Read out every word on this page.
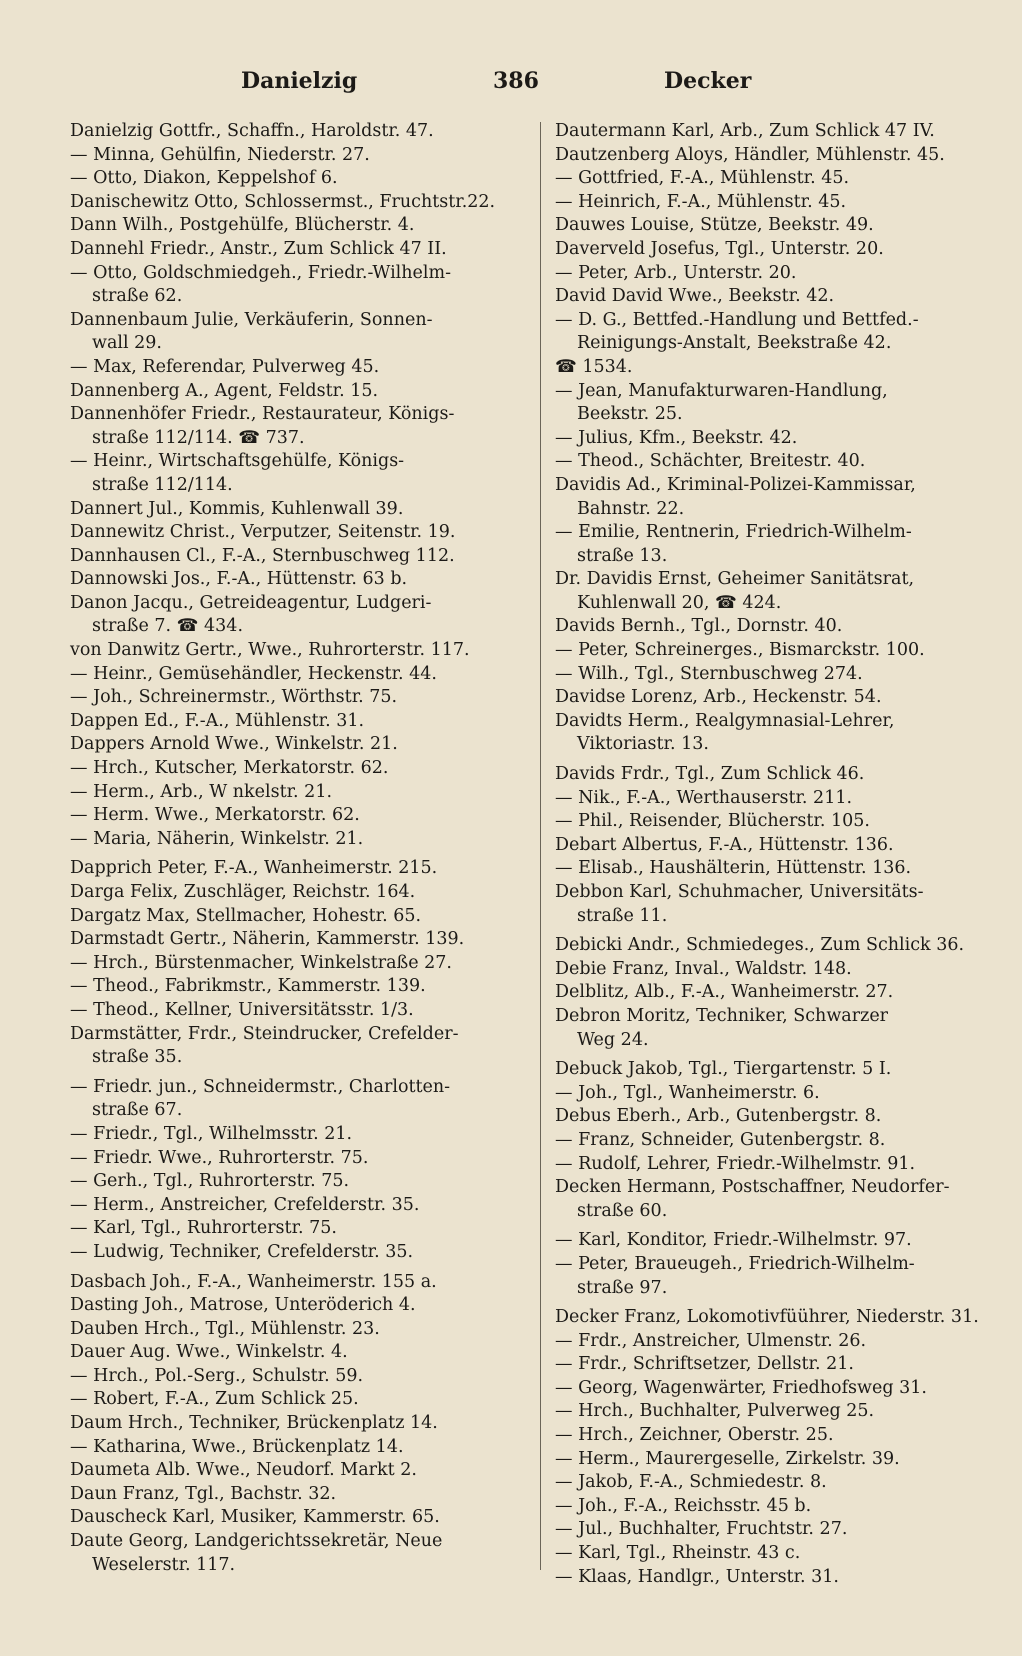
Danielzig	386	Decker
Danielzig Gottfr., Schaffn., Haroldstr. 47.
— Minna, Gehülfin, Niederstr. 27.
— Otto, Diakon, Keppelshof 6.
Danischewitz Otto, Schlossermst., Fruchtstr.22.
Dann Wilh., Postgehülfe, Blücherstr. 4.
Dannehl Friedr., Anstr., Zum Schlick 47 II.
— Otto, Goldschmiedgeh., Friedr.-Wilhelm-
straße 62.
Dannenbaum Julie, Verkäuferin, Sonnen-
wall 29.
— Max, Referendar, Pulverweg 45.
Dannenberg A., Agent, Feldstr. 15.
Dannenhöfer Friedr., Restaurateur, Königs-
straße 112/114. ☎ 737.
— Heinr., Wirtschaftsgehülfe, Königs-
straße 112/114.
Dannert Jul., Kommis, Kuhlenwall 39.
Dannewitz Christ., Verputzer, Seitenstr. 19.
Dannhausen Cl., F.-A., Sternbuschweg 112.
Dannowski Jos., F.-A., Hüttenstr. 63 b.
Danon Jacqu., Getreideagentur, Ludgeri-
straße 7. ☎ 434.
von Danwitz Gertr., Wwe., Ruhrorterstr. 117.
— Heinr., Gemüsehändler, Heckenstr. 44.
— Joh., Schreinermstr., Wörthstr. 75.
Dappen Ed., F.-A., Mühlenstr. 31.
Dappers Arnold Wwe., Winkelstr. 21.
— Hrch., Kutscher, Merkatorstr. 62.
— Herm., Arb., W nkelstr. 21.
— Herm. Wwe., Merkatorstr. 62.
— Maria, Näherin, Winkelstr. 21.
Dapprich Peter, F.-A., Wanheimerstr. 215.
Darga Felix, Zuschläger, Reichstr. 164.
Dargatz Max, Stellmacher, Hohestr. 65.
Darmstadt Gertr., Näherin, Kammerstr. 139.
— Hrch., Bürstenmacher, Winkelstraße 27.
— Theod., Fabrikmstr., Kammerstr. 139.
— Theod., Kellner, Universitätsstr. 1/3.
Darmstätter, Frdr., Steindrucker, Crefelder-
straße 35.
— Friedr. jun., Schneidermstr., Charlotten-
straße 67.
— Friedr., Tgl., Wilhelmsstr. 21.
— Friedr. Wwe., Ruhrorterstr. 75.
— Gerh., Tgl., Ruhrorterstr. 75.
— Herm., Anstreicher, Crefelderstr. 35.
— Karl, Tgl., Ruhrorterstr. 75.
— Ludwig, Techniker, Crefelderstr. 35.
Dasbach Joh., F.-A., Wanheimerstr. 155 a.
Dasting Joh., Matrose, Unteröderich 4.
Dauben Hrch., Tgl., Mühlenstr. 23.
Dauer Aug. Wwe., Winkelstr. 4.
— Hrch., Pol.-Serg., Schulstr. 59.
— Robert, F.-A., Zum Schlick 25.
Daum Hrch., Techniker, Brückenplatz 14.
— Katharina, Wwe., Brückenplatz 14.
Daumeta Alb. Wwe., Neudorf. Markt 2.
Daun Franz, Tgl., Bachstr. 32.
Dauscheck Karl, Musiker, Kammerstr. 65.
Daute Georg, Landgerichtssekretär, Neue
Weselerstr. 117.
Dautermann Karl, Arb., Zum Schlick 47 IV.
Dautzenberg Aloys, Händler, Mühlenstr. 45.
— Gottfried, F.-A., Mühlenstr. 45.
— Heinrich, F.-A., Mühlenstr. 45.
Dauwes Louise, Stütze, Beekstr. 49.
Daverveld Josefus, Tgl., Unterstr. 20.
— Peter, Arb., Unterstr. 20.
David David Wwe., Beekstr. 42.
— D. G., Bettfed.-Handlung und Bettfed.-
Reinigungs-Anstalt, Beekstraße 42.
☎ 1534.
— Jean, Manufakturwaren-Handlung,
Beekstr. 25.
— Julius, Kfm., Beekstr. 42.
— Theod., Schächter, Breitestr. 40.
Davidis Ad., Kriminal-Polizei-Kammissar,
Bahnstr. 22.
— Emilie, Rentnerin, Friedrich-Wilhelm-
straße 13.
Dr. Davidis Ernst, Geheimer Sanitätsrat,
Kuhlenwall 20, ☎ 424.
Davids Bernh., Tgl., Dornstr. 40.
— Peter, Schreinerges., Bismarckstr. 100.
— Wilh., Tgl., Sternbuschweg 274.
Davidse Lorenz, Arb., Heckenstr. 54.
Davidts Herm., Realgymnasial-Lehrer,
Viktoriastr. 13.
Davids Frdr., Tgl., Zum Schlick 46.
— Nik., F.-A., Werthauserstr. 211.
— Phil., Reisender, Blücherstr. 105.
Debart Albertus, F.-A., Hüttenstr. 136.
— Elisab., Haushälterin, Hüttenstr. 136.
Debbon Karl, Schuhmacher, Universitäts-
straße 11.
Debicki Andr., Schmiedeges., Zum Schlick 36.
Debie Franz, Inval., Waldstr. 148.
Delblitz, Alb., F.-A., Wanheimerstr. 27.
Debron Moritz, Techniker, Schwarzer
Weg 24.
Debuck Jakob, Tgl., Tiergartenstr. 5 I.
— Joh., Tgl., Wanheimerstr. 6.
Debus Eberh., Arb., Gutenbergstr. 8.
— Franz, Schneider, Gutenbergstr. 8.
— Rudolf, Lehrer, Friedr.-Wilhelmstr. 91.
Decken Hermann, Postschaffner, Neudorfer-
straße 60.
— Karl, Konditor, Friedr.-Wilhelmstr. 97.
— Peter, Braueugeh., Friedrich-Wilhelm-
straße 97.
Decker Franz, Lokomotivfüührer, Niederstr. 31.
— Frdr., Anstreicher, Ulmenstr. 26.
— Frdr., Schriftsetzer, Dellstr. 21.
— Georg, Wagenwärter, Friedhofsweg 31.
— Hrch., Buchhalter, Pulverweg 25.
— Hrch., Zeichner, Oberstr. 25.
— Herm., Maurergeselle, Zirkelstr. 39.
— Jakob, F.-A., Schmiedestr. 8.
— Joh., F.-A., Reichsstr. 45 b.
— Jul., Buchhalter, Fruchtstr. 27.
— Karl, Tgl., Rheinstr. 43 c.
— Klaas, Handlgr., Unterstr. 31.
